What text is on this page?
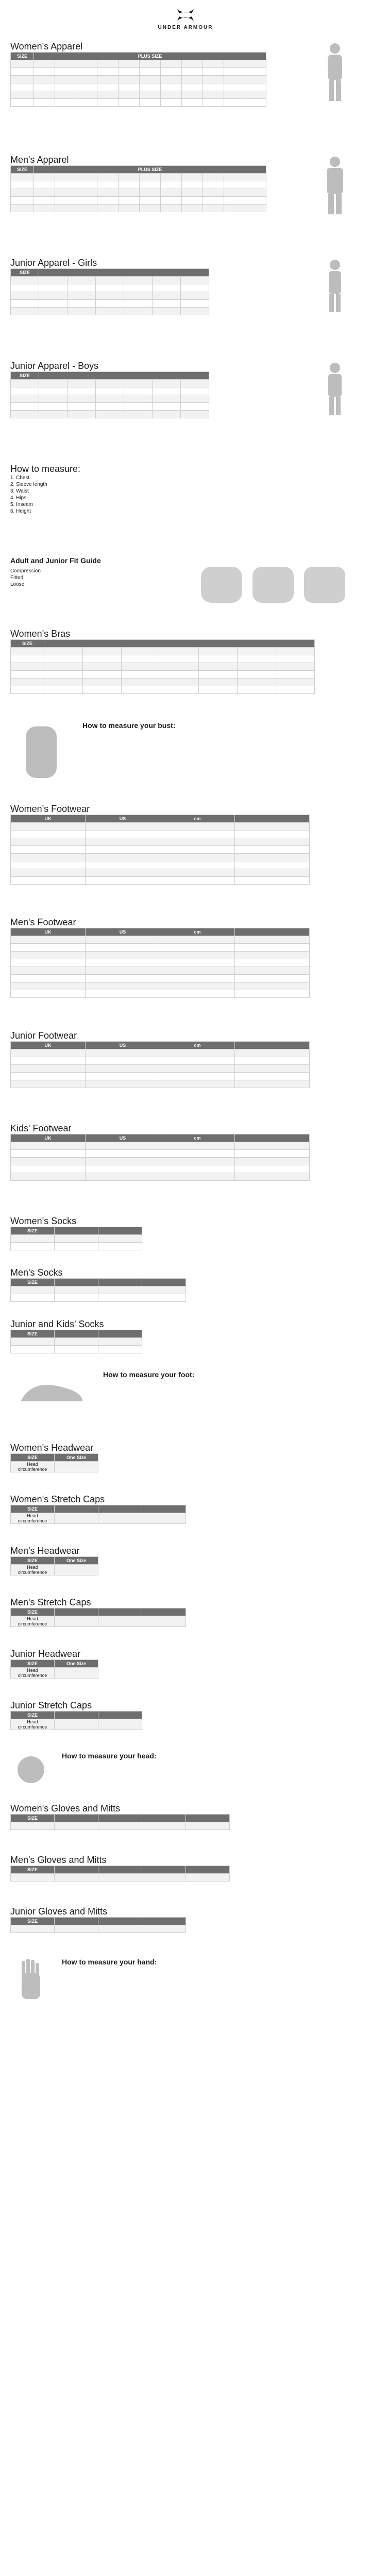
UNDER ARMOUR
Women's Apparel
SIZE	PLUS SIZE										

Men's Apparel
SIZE	PLUS SIZE										

Junior Apparel - Girls
SIZE						

Junior Apparel - Boys
SIZE						

How to measure:
1. Chest
2. Sleeve length
3. Waist
4. Hips
5. Inseam
6. Height
Adult and Junior Fit Guide
Compression
Fitted
Loose
Women's Bras
SIZE							

How to measure your bust:
Women's Footwear
UK	US	cm	

Men's Footwear
UK	US	cm	

Junior Footwear
UK	US	cm	

Kids' Footwear
UK	US	cm	

Women's Socks
SIZE		

Men's Socks
SIZE			

Junior and Kids' Socks
SIZE		

How to measure your foot:
Women's Headwear
SIZE	One Size
Head circumference	
Women's Stretch Caps
SIZE			
Head circumference			
Men's Headwear
SIZE	One Size
Head circumference	
Men's Stretch Caps
SIZE			
Head circumference			
Junior Headwear
SIZE	One Size
Head circumference	
Junior Stretch Caps
SIZE		
Head circumference		
How to measure your head:
Women's Gloves and Mitts
SIZE				

Men's Gloves and Mitts
SIZE				

Junior Gloves and Mitts
SIZE			

How to measure your hand:
